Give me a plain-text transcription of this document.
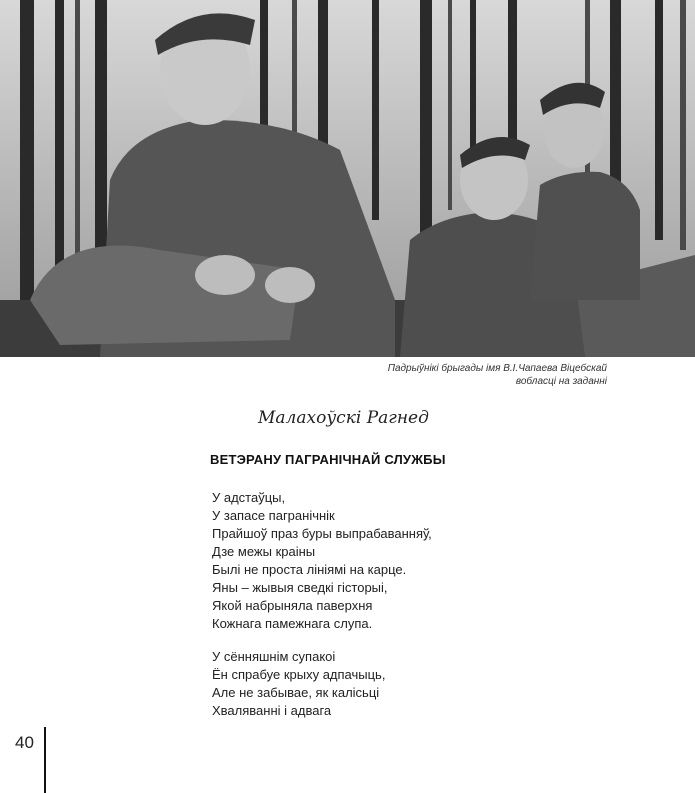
Падрыўнікі брыгады імя В.І.Чапаева Віцебскай
вобласці на заданні
Малахоўскі Рагнед
ВЕТЭРАНУ ПАГРАНІЧНАЙ СЛУЖБЫ
У адстаўцы,
У запасе пагранічнік
Прайшоў праз буры выпрабаванняў,
Дзе межы краіны
Былі не проста лініямі на карце.
Яны – жывыя сведкі гісторыі,
Якой набрыняла паверхня
Кожнага памежнага слупа.
У сённяшнім супакоі
Ён спрабуе крыху адпачыць,
Але не забывае, як калісьці
Хваляванні і адвага
40
